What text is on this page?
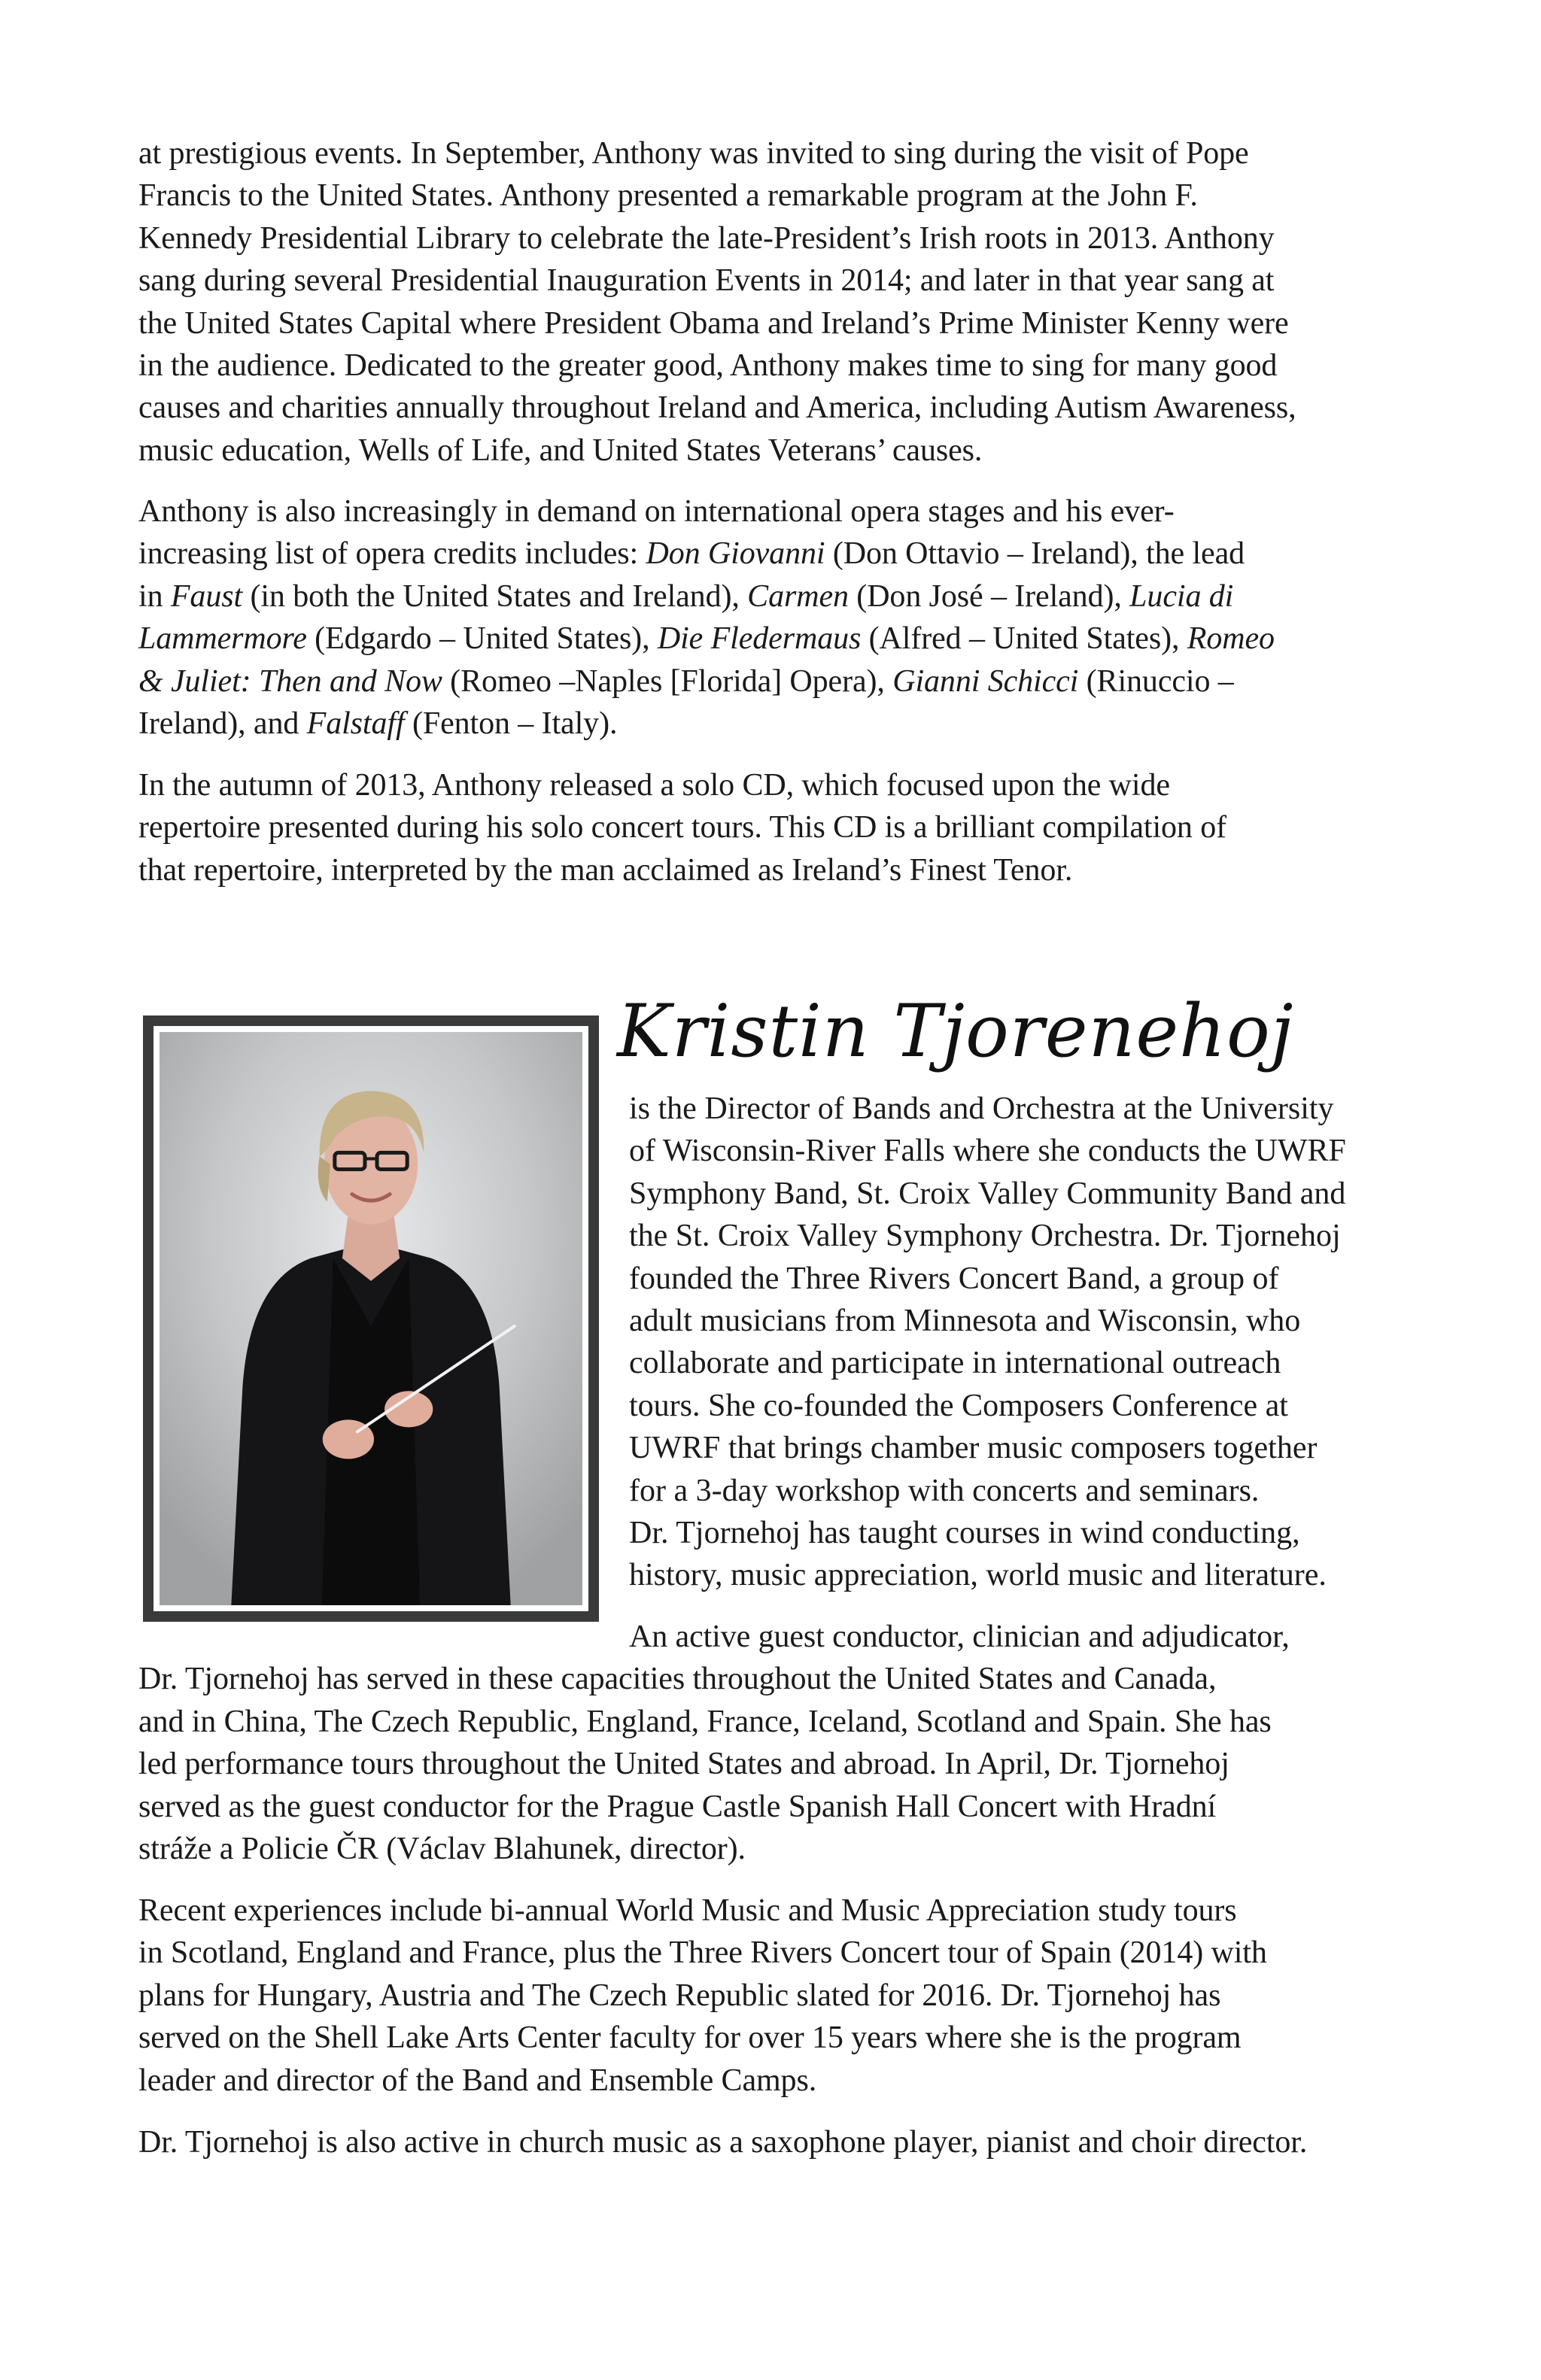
at prestigious events. In September, Anthony was invited to sing during the visit of Pope
Francis to the United States. Anthony presented a remarkable program at the John F.
Kennedy Presidential Library to celebrate the late-President’s Irish roots in 2013. Anthony
sang during several Presidential Inauguration Events in 2014; and later in that year sang at
the United States Capital where President Obama and Ireland’s Prime Minister Kenny were
in the audience. Dedicated to the greater good, Anthony makes time to sing for many good
causes and charities annually throughout Ireland and America, including Autism Awareness,
music education, Wells of Life, and United States Veterans’ causes.

Anthony is also increasingly in demand on international opera stages and his ever-
increasing list of opera credits includes: Don Giovanni (Don Ottavio – Ireland), the lead
in Faust (in both the United States and Ireland), Carmen (Don José – Ireland), Lucia di
Lammermore (Edgardo – United States), Die Fledermaus (Alfred – United States), Romeo
& Juliet: Then and Now (Romeo –Naples [Florida] Opera), Gianni Schicci (Rinuccio –
Ireland), and Falstaff (Fenton – Italy).

In the autumn of 2013, Anthony released a solo CD, which focused upon the wide
repertoire presented during his solo concert tours. This CD is a brilliant compilation of
that repertoire, interpreted by the man acclaimed as Ireland’s Finest Tenor.

Kristin Tjorenehoj

is the Director of Bands and Orchestra at the University
of Wisconsin-River Falls where she conducts the UWRF
Symphony Band, St. Croix Valley Community Band and
the St. Croix Valley Symphony Orchestra. Dr. Tjornehoj
founded the Three Rivers Concert Band, a group of
adult musicians from Minnesota and Wisconsin, who
collaborate and participate in international outreach
tours. She co-founded the Composers Conference at
UWRF that brings chamber music composers together
for a 3-day workshop with concerts and seminars.
Dr. Tjornehoj has taught courses in wind conducting,
history, music appreciation, world music and literature.

An active guest conductor, clinician and adjudicator,
Dr. Tjornehoj has served in these capacities throughout the United States and Canada,
and in China, The Czech Republic, England, France, Iceland, Scotland and Spain. She has
led performance tours throughout the United States and abroad. In April, Dr. Tjornehoj
served as the guest conductor for the Prague Castle Spanish Hall Concert with Hradní
stráže a Policie ČR (Václav Blahunek, director).

Recent experiences include bi-annual World Music and Music Appreciation study tours
in Scotland, England and France, plus the Three Rivers Concert tour of Spain (2014) with
plans for Hungary, Austria and The Czech Republic slated for 2016. Dr. Tjornehoj has
served on the Shell Lake Arts Center faculty for over 15 years where she is the program
leader and director of the Band and Ensemble Camps.

Dr. Tjornehoj is also active in church music as a saxophone player, pianist and choir director.
